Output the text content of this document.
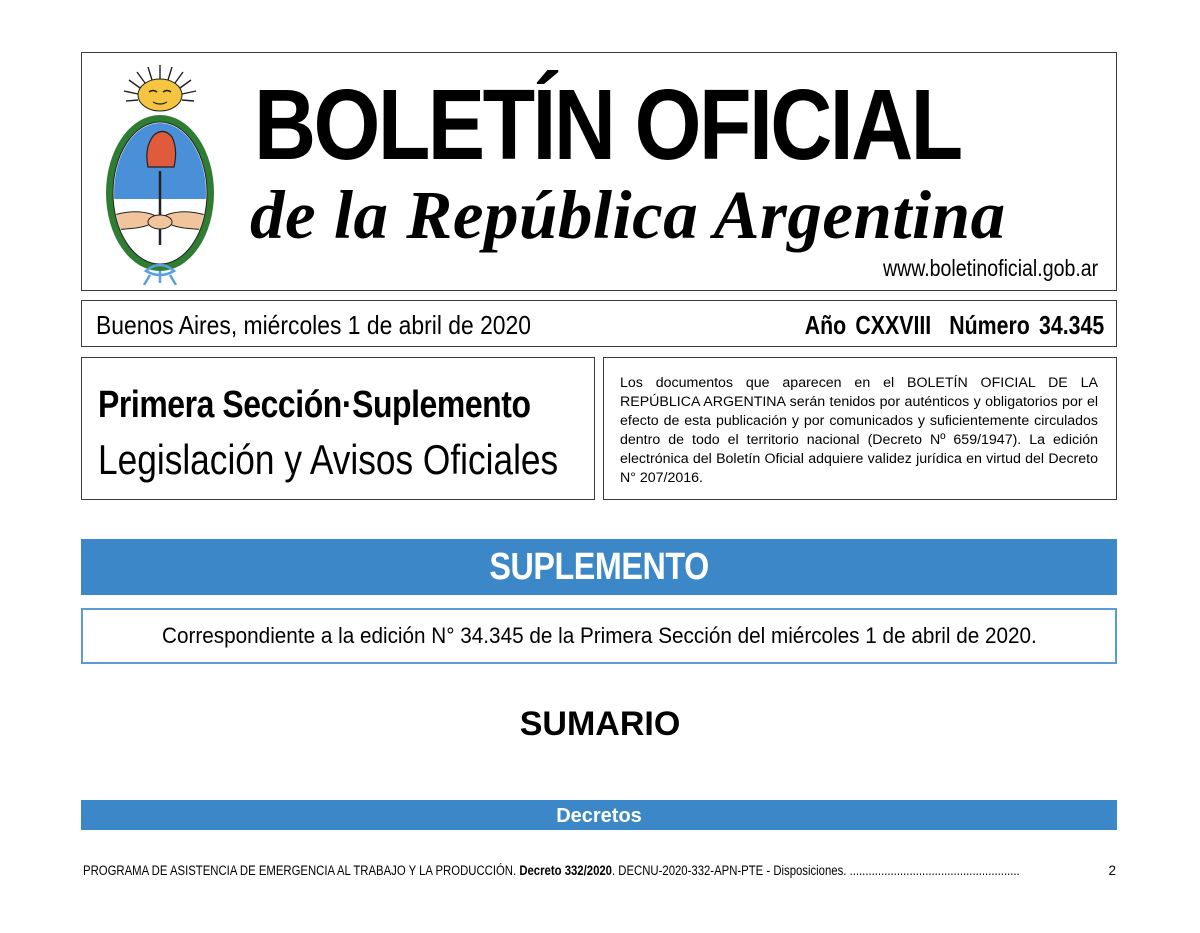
BOLETÍN OFICIAL
de la República Argentina
www.boletinoficial.gob.ar
Buenos Aires, miércoles 1 de abril de 2020	Año CXXVIII Número 34.345
Primera Sección·Suplemento
Legislación y Avisos Oficiales
Los documentos que aparecen en el BOLETÍN OFICIAL DE LA REPÚBLICA ARGENTINA serán tenidos por auténticos y obligatorios por el efecto de esta publicación y por comunicados y suficientemente circulados dentro de todo el territorio nacional (Decreto Nº 659/1947). La edición electrónica del Boletín Oficial adquiere validez jurídica en virtud del Decreto N° 207/2016.
SUPLEMENTO
Correspondiente a la edición N° 34.345 de la Primera Sección del miércoles 1 de abril de 2020.
SUMARIO
Decretos
PROGRAMA DE ASISTENCIA DE EMERGENCIA AL TRABAJO Y LA PRODUCCIÓN. Decreto 332/2020. DECNU-2020-332-APN-PTE - Disposiciones. ......................................................	2
